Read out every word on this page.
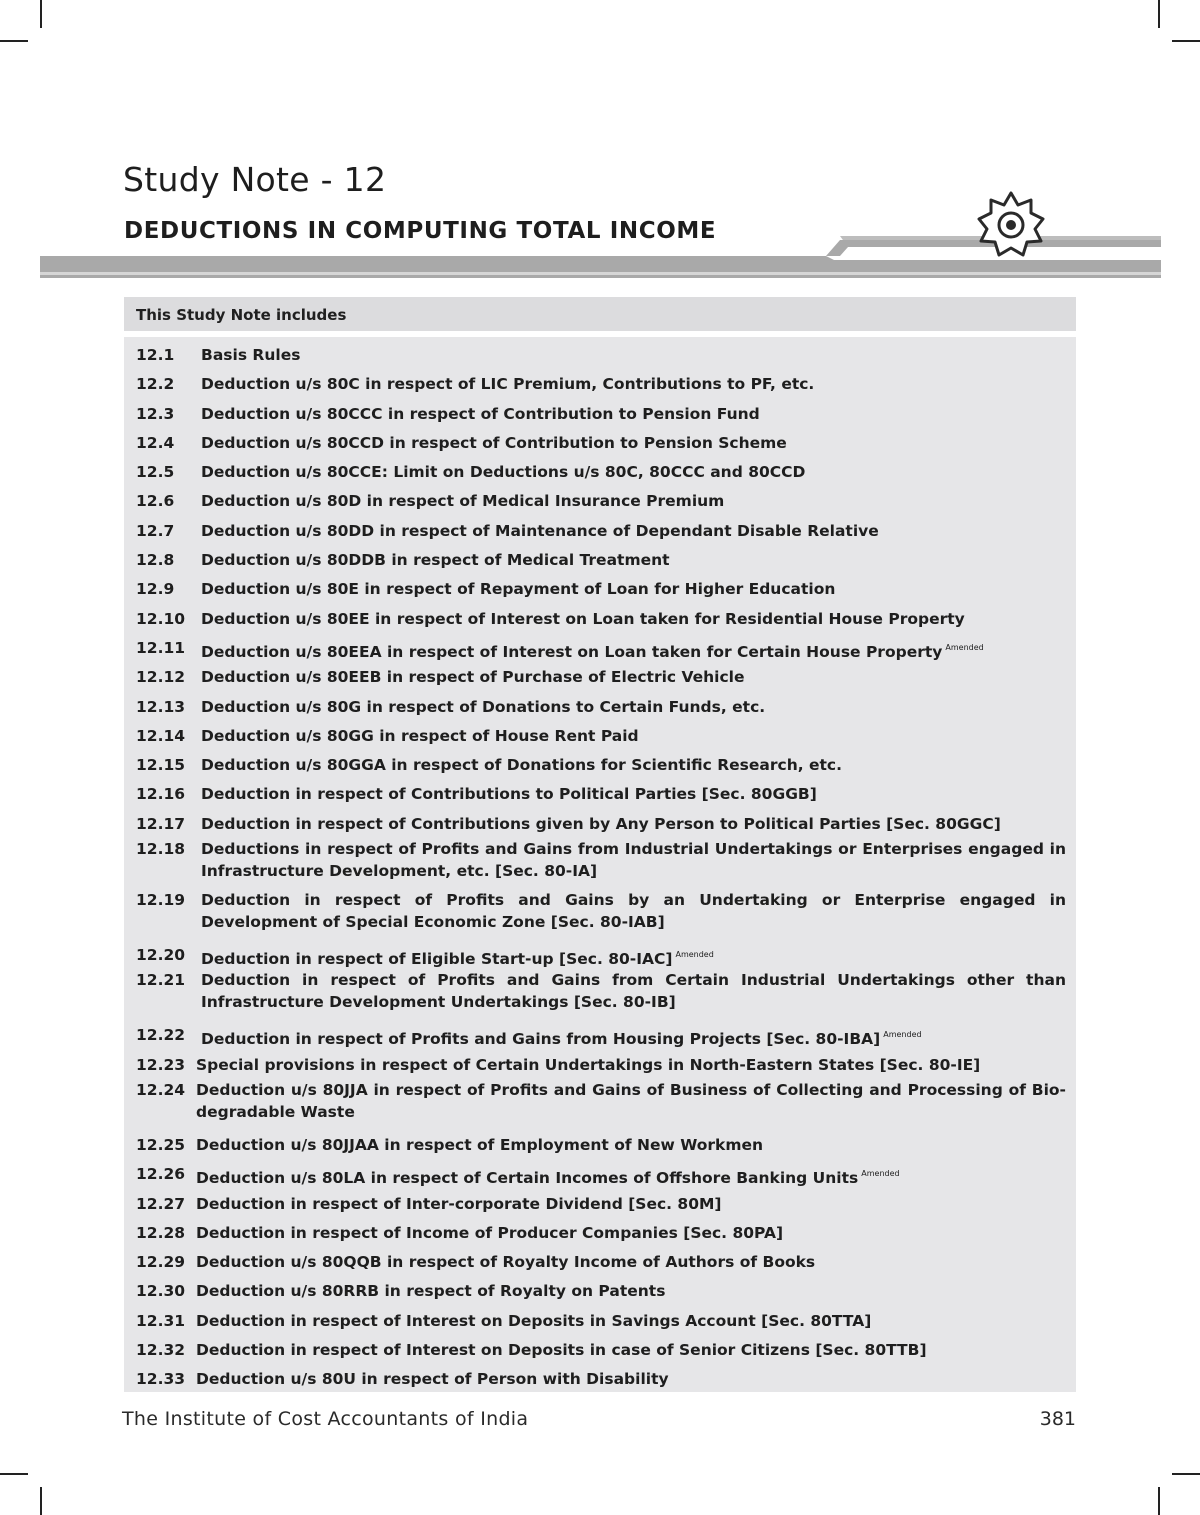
Study Note - 12
DEDUCTIONS IN COMPUTING TOTAL INCOME
This Study Note includes
12.1	Basis Rules
12.2	Deduction u/s 80C in respect of LIC Premium, Contributions to PF, etc.
12.3	Deduction u/s 80CCC in respect of Contribution to Pension Fund
12.4	Deduction u/s 80CCD in respect of Contribution to Pension Scheme
12.5	Deduction u/s 80CCE: Limit on Deductions u/s 80C, 80CCC and 80CCD
12.6	Deduction u/s 80D in respect of Medical Insurance Premium
12.7	Deduction u/s 80DD in respect of Maintenance of Dependant Disable Relative
12.8	Deduction u/s 80DDB in respect of Medical Treatment
12.9	Deduction u/s 80E in respect of Repayment of Loan for Higher Education
12.10	Deduction u/s 80EE in respect of Interest on Loan taken for Residential House Property
12.11	Deduction u/s 80EEA in respect of Interest on Loan taken for Certain House Property $^{Amended}$
12.12	Deduction u/s 80EEB in respect of Purchase of Electric Vehicle
12.13	Deduction u/s 80G in respect of Donations to Certain Funds, etc.
12.14	Deduction u/s 80GG in respect of House Rent Paid
12.15	Deduction u/s 80GGA in respect of Donations for Scientific Research, etc.
12.16	Deduction in respect of Contributions to Political Parties [Sec. 80GGB]
12.17	Deduction in respect of Contributions given by Any Person to Political Parties [Sec. 80GGC]
12.18	Deductions in respect of Profits and Gains from Industrial Undertakings or Enterprises engaged in Infrastructure Development, etc. [Sec. 80-IA]
12.19	Deduction in respect of Profits and Gains by an Undertaking or Enterprise engaged in Development of Special Economic Zone [Sec. 80-IAB]
12.20	Deduction in respect of Eligible Start-up [Sec. 80-IAC] $^{Amended}$
12.21	Deduction in respect of Profits and Gains from Certain Industrial Undertakings other than Infrastructure Development Undertakings [Sec. 80-IB]
12.22	Deduction in respect of Profits and Gains from Housing Projects [Sec. 80-IBA] $^{Amended}$
12.23 Special provisions in respect of Certain Undertakings in North-Eastern States [Sec. 80-IE]
12.24 Deduction u/s 80JJA in respect of Profits and Gains of Business of Collecting and Processing of Bio-degradable Waste
12.25 Deduction u/s 80JJAA in respect of Employment of New Workmen
12.26 Deduction u/s 80LA in respect of Certain Incomes of Offshore Banking Units $^{Amended}$
12.27 Deduction in respect of Inter-corporate Dividend [Sec. 80M]
12.28 Deduction in respect of Income of Producer Companies [Sec. 80PA]
12.29 Deduction u/s 80QQB in respect of Royalty Income of Authors of Books
12.30 Deduction u/s 80RRB in respect of Royalty on Patents
12.31 Deduction in respect of Interest on Deposits in Savings Account [Sec. 80TTA]
12.32 Deduction in respect of Interest on Deposits in case of Senior Citizens [Sec. 80TTB]
12.33 Deduction u/s 80U in respect of Person with Disability
The Institute of Cost Accountants of India	381
